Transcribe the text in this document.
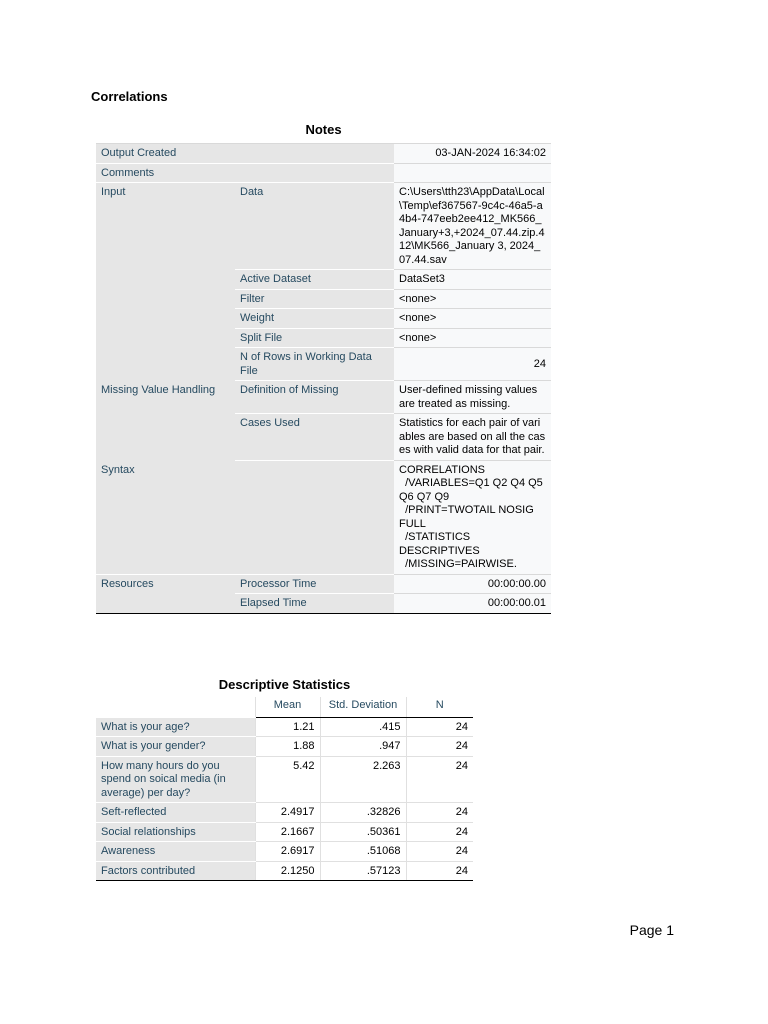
Correlations
Notes
Output Created		03-JAN-2024 16:34:02
Comments		
Input	Data	C:\Users\tth23\AppData\Local\Temp\ef367567-9c4c-46a5-a4b4-747eeb2ee412_MK566_January+3,+2024_07.44.zip.412\MK566_January 3, 2024_07.44.sav
	Active Dataset	DataSet3
	Filter	<none>
	Weight	<none>
	Split File	<none>
	N of Rows in Working Data File	24
Missing Value Handling	Definition of Missing	User-defined missing values are treated as missing.
	Cases Used	Statistics for each pair of variables are based on all the cases with valid data for that pair.
Syntax		CORRELATIONS
/VARIABLES=Q1 Q2 Q4 Q5 Q6 Q7 Q9
/PRINT=TWOTAIL NOSIG FULL
/STATISTICS DESCRIPTIVES
/MISSING=PAIRWISE.
Resources	Processor Time	00:00:00.00
	Elapsed Time	00:00:00.01
Descriptive Statistics
	Mean	Std. Deviation	N
What is your age?	1.21	.415	24
What is your gender?	1.88	.947	24
How many hours do you spend on soical media (in average) per day?	5.42	2.263	24
Seft-reflected	2.4917	.32826	24
Social relationships	2.1667	.50361	24
Awareness	2.6917	.51068	24
Factors contributed	2.1250	.57123	24
Page 1
